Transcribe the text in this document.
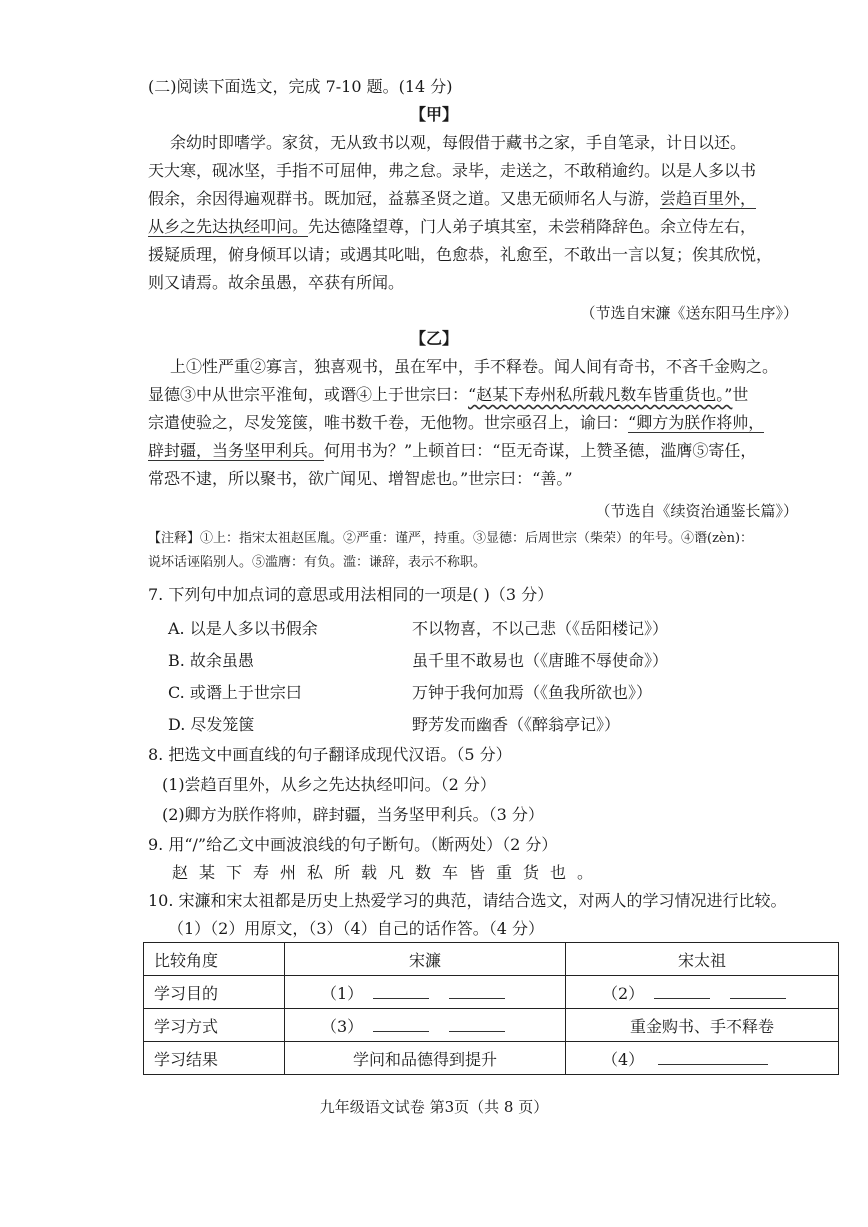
(二)阅读下面选文，完成 7-10 题。(14 分)
【甲】
余幼时即嗜学。家贫，无从致书以观，每假借于藏书之家，手自笔录，计日以还。
天大寒，砚冰坚，手指不可屈伸，弗之怠。录毕，走送之，不敢稍逾约。以是人多以书
假余，余因得遍观群书。既加冠，益慕圣贤之道。又患无硕师名人与游，尝趋百里外，
从乡之先达执经叩问。先达德隆望尊，门人弟子填其室，未尝稍降辞色。余立侍左右，
援疑质理，俯身倾耳以请；或遇其叱咄，色愈恭，礼愈至，不敢出一言以复；俟其欣悦，
则又请焉。故余虽愚，卒获有所闻。
（节选自宋濂《送东阳马生序》）
【乙】
上①性严重②寡言，独喜观书，虽在军中，手不释卷。闻人间有奇书，不吝千金购之。
显德③中从世宗平淮甸，或谮④上于世宗曰：“赵某下寿州私所载凡数车皆重货也。”世
宗遣使验之，尽发笼箧，唯书数千卷，无他物。世宗亟召上，谕曰：“卿方为朕作将帅，
辟封疆，当务坚甲利兵。何用书为？”上顿首曰：“臣无奇谋，上赞圣德，滥膺⑤寄任，
常恐不逮，所以聚书，欲广闻见、增智虑也。”世宗曰：“善。”
（节选自《续资治通鉴长篇》）
【注释】①上：指宋太祖赵匡胤。②严重：谨严，持重。③显德：后周世宗（柴荣）的年号。④谮(zèn)：
说坏话诬陷别人。⑤滥膺：有负。滥：谦辞，表示不称职。
7. 下列句中加点词的意思或用法相同的一项是( )（3 分）
A. 以是人多以书假余	不以物喜，不以己悲（《岳阳楼记》）
B. 故余虽愚	虽千里不敢易也（《唐雎不辱使命》）
C. 或谮上于世宗曰	万钟于我何加焉（《鱼我所欲也》）
D. 尽发笼箧	野芳发而幽香（《醉翁亭记》）
8. 把选文中画直线的句子翻译成现代汉语。（5 分）
(1)尝趋百里外，从乡之先达执经叩问。（2 分）
(2)卿方为朕作将帅，辟封疆，当务坚甲利兵。（3 分）
9. 用“/”给乙文中画波浪线的句子断句。（断两处）（2 分）
赵某下寿州私所载凡数车皆重货也。
10. 宋濂和宋太祖都是历史上热爱学习的典范，请结合选文，对两人的学习情况进行比较。
（1）（2）用原文，（3）（4）自己的话作答。（4 分）
比较角度	宋濂	宋太祖
学习目的	（1）	（2）
学习方式	（3）	重金购书、手不释卷
学习结果	学问和品德得到提升	（4）
九年级语文试卷 第3页（共 8 页）
